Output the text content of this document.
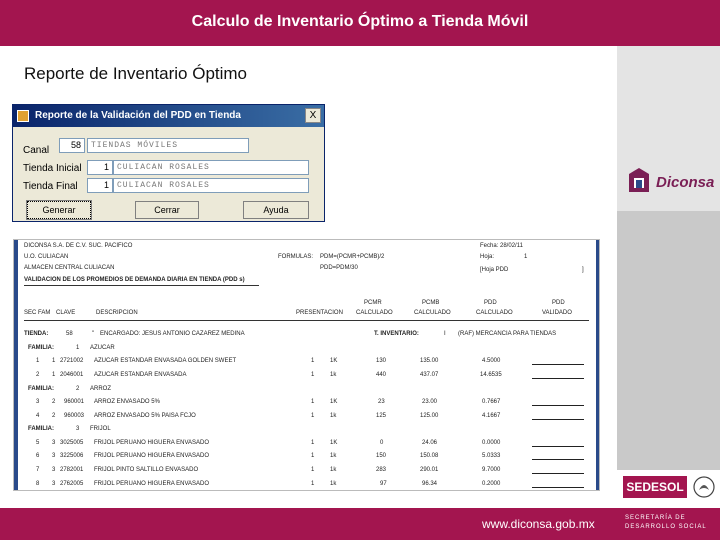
Calculo de Inventario Óptimo a Tienda Móvil
Reporte de Inventario Óptimo
Diconsa
SEDESOL
www.diconsa.gob.mx	SECRETARÍA DE
DESARROLLO SOCIAL
Reporte de la Validación del PDD en Tienda	X
Canal	58	TIENDAS MÓVILES
Tienda Inicial	1	CULIACAN ROSALES
Tienda Final	1	CULIACAN ROSALES
Generar	Cerrar	Ayuda
DICONSA S.A. DE C.V. SUC. PACIFICO
U.O. CULIACAN
ALMACEN CENTRAL CULIACAN
VALIDACION DE LOS PROMEDIOS DE DEMANDA DIARIA EN TIENDA (PDD s)
FORMULAS: PDM=(PCMR+PCMB)/2
PDD=PDM/30
Fecha: 28/02/11
Hoja:	1
[Hoja PDD	]
PCMR	PCMB	PDD	PDD
SEC FAM CLAVE	DESCRIPCION	PRESENTACION CALCULADO	CALCULADO	CALCULADO	VALIDADO
TIENDA:	58	" ENCARGADO: JESUS ANTONIO CAZAREZ MEDINA	T. INVENTARIO:	I (RAF) MERCANCIA PARA TIENDAS
FAMILIA:	1 AZUCAR
1 1 2721002 AZUCAR ESTANDAR ENVASADA GOLDEN SWEET	1	1K	130	135.00	4.5000
2 1 2046001 AZUCAR ESTANDAR ENVASADA	1	1k	440	437.07	14.6535
FAMILIA:	2 ARROZ
3 2 960001 ARROZ ENVASADO 5%	1	1K	23	23.00	0.7667
4 2 960003 ARROZ ENVASADO 5% PAISA FCJO	1	1k	125	125.00	4.1667
FAMILIA:	3 FRIJOL
5 3 3025005 FRIJOL PERUANO HIGUERA ENVASADO	1	1K	0	24.06	0.0000
6 3 3225006 FRIJOL PERUANO HIGUERA ENVASADO	1	1k	150	150.08	5.0333
7 3 2782001 FRIJOL PINTO SALTILLO ENVASADO	1	1k	283	290.01	9.7000
8 3 2762005 FRIJOL PERUANO HIGUERA ENVASADO	1	1k	97	96.34	0.2000
